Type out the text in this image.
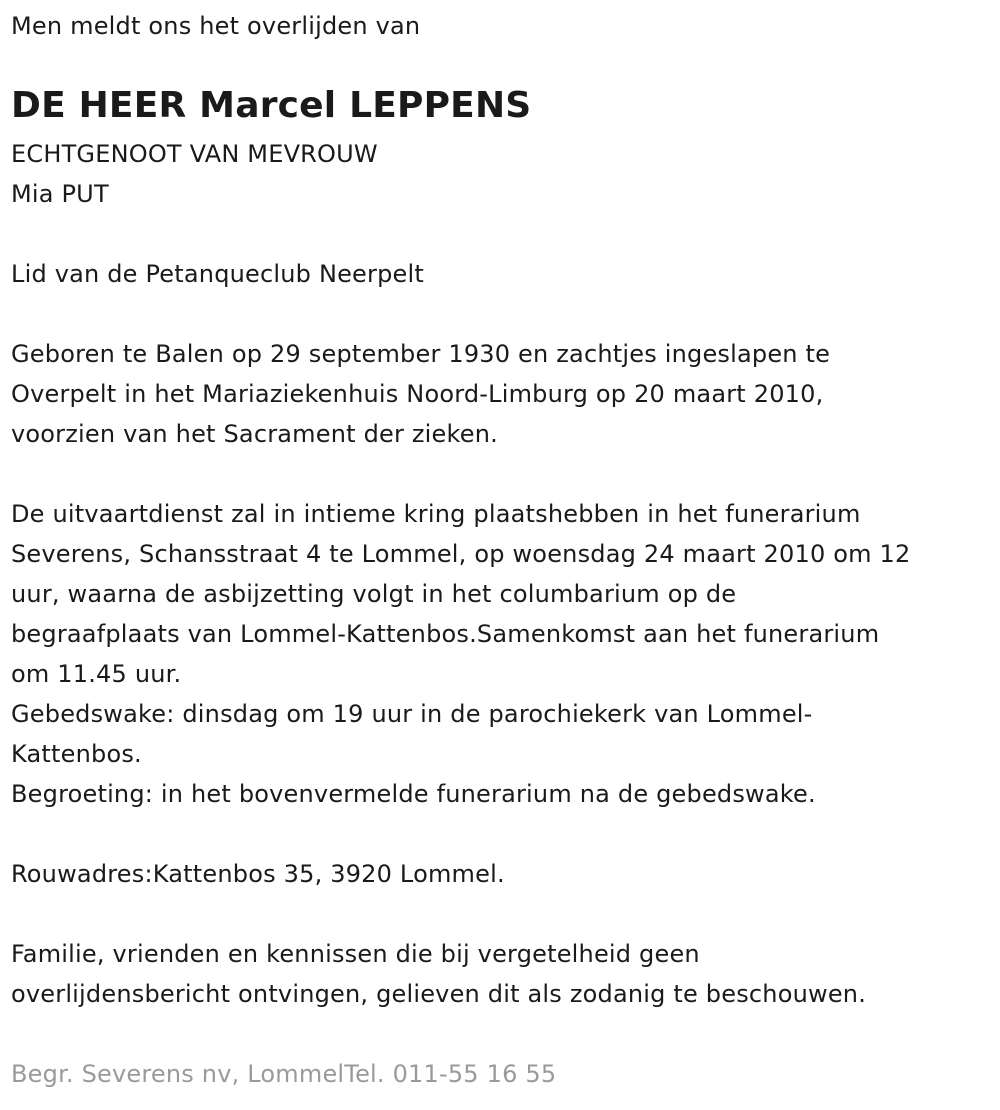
Men meldt ons het overlijden van
DE HEER Marcel LEPPENS
ECHTGENOOT VAN MEVROUW
Mia PUT
Lid van de Petanqueclub Neerpelt
Geboren te Balen op 29 september 1930 en zachtjes ingeslapen te
Overpelt in het Mariaziekenhuis Noord-Limburg op 20 maart 2010,
voorzien van het Sacrament der zieken.
De uitvaartdienst zal in intieme kring plaatshebben in het funerarium
Severens, Schansstraat 4 te Lommel, op woensdag 24 maart 2010 om 12
uur, waarna de asbijzetting volgt in het columbarium op de
begraafplaats van Lommel-Kattenbos.Samenkomst aan het funerarium
om 11.45 uur.
Gebedswake: dinsdag om 19 uur in de parochiekerk van Lommel-
Kattenbos.
Begroeting: in het bovenvermelde funerarium na de gebedswake.
Rouwadres:Kattenbos 35, 3920 Lommel.
Familie, vrienden en kennissen die bij vergetelheid geen
overlijdensbericht ontvingen, gelieven dit als zodanig te beschouwen.
Begr. Severens nv, LommelTel. 011-55 16 55
